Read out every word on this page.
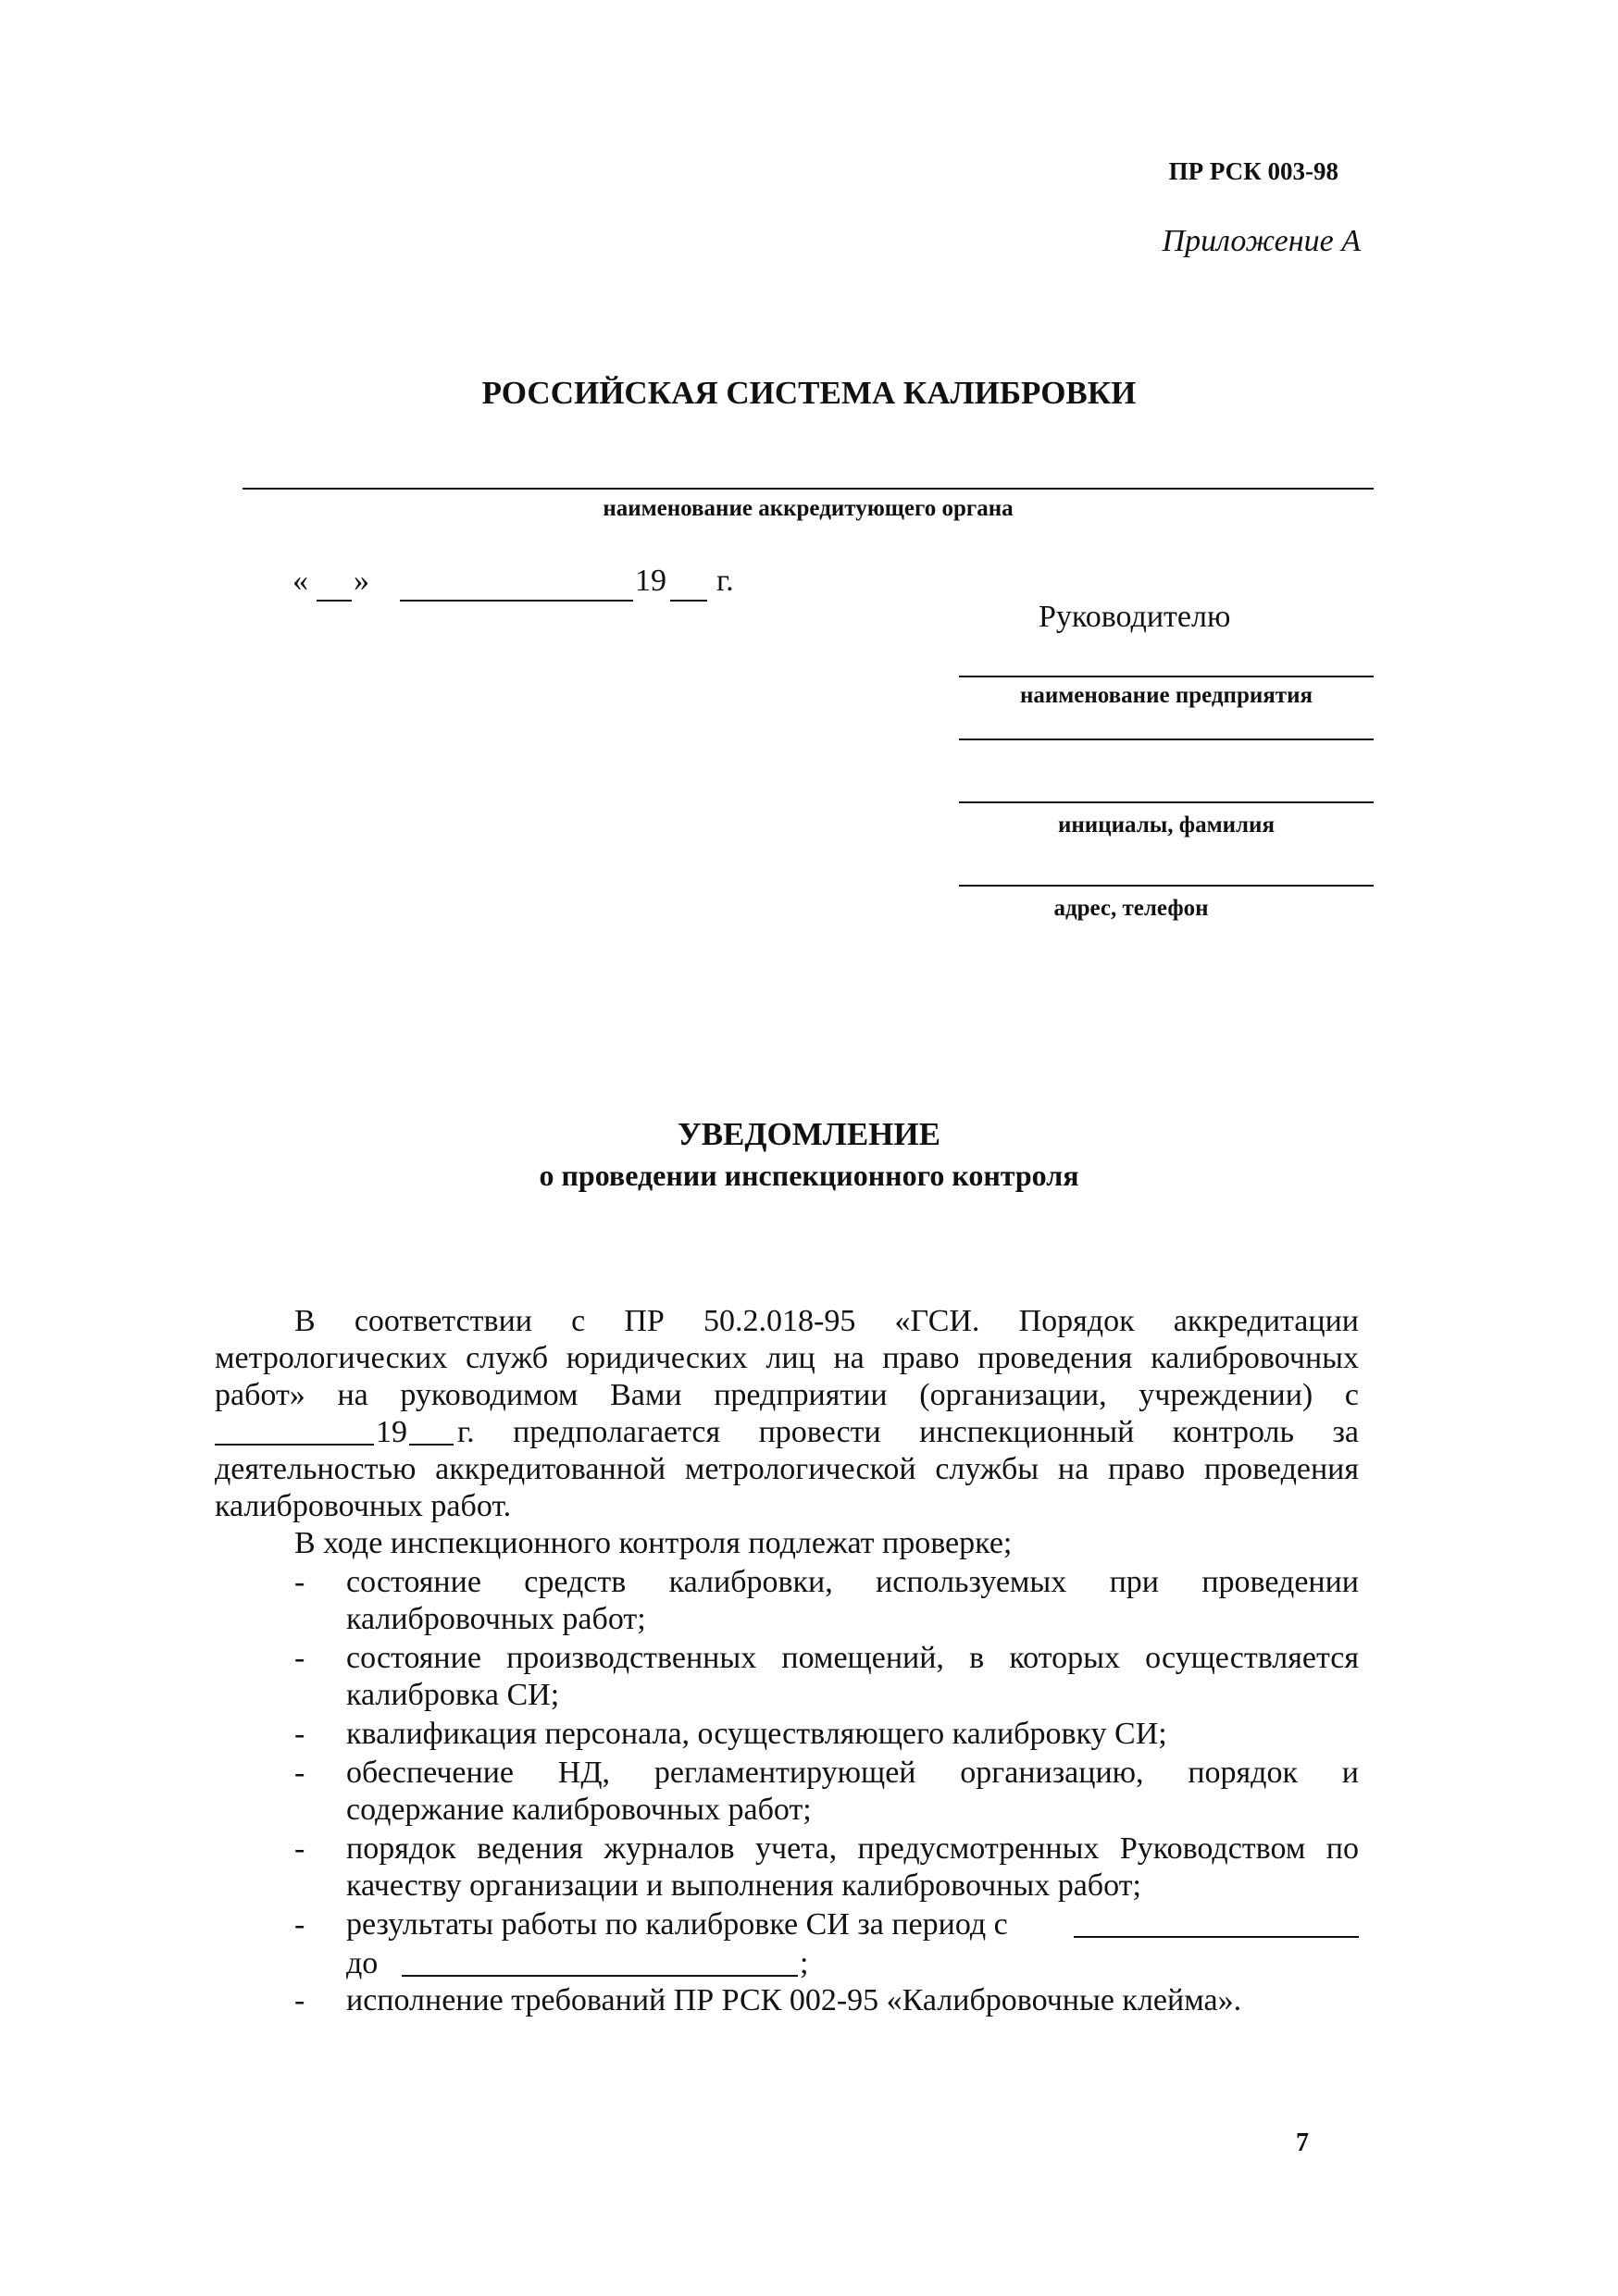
ПР РСК 003-98
Приложение А
РОССИЙСКАЯ СИСТЕМА КАЛИБРОВКИ
наименование аккредитующего органа
« »	19 г.
Руководителю
наименование предприятия
инициалы, фамилия
адрес, телефон
УВЕДОМЛЕНИЕ
о проведении инспекционного контроля
В соответствии с ПР 50.2.018-95 «ГСИ. Порядок аккредитации
метрологических служб юридических лиц на право проведения калибровочных
работ» на руководимом Вами предприятии (организации, учреждении) с
19 г. предполагается провести инспекционный контроль за
деятельностью аккредитованной метрологической службы на право проведения
калибровочных работ.
В ходе инспекционного контроля подлежат проверке;
- состояние средств калибровки, используемых при проведении
калибровочных работ;
- состояние производственных помещений, в которых осуществляется
калибровка СИ;
- квалификация персонала, осуществляющего калибровку СИ;
- обеспечение НД, регламентирующей организацию, порядок и
содержание калибровочных работ;
- порядок ведения журналов учета, предусмотренных Руководством по
качеству организации и выполнения калибровочных работ;
- результаты работы по калибровке СИ за период с
до	;
- исполнение требований ПР РСК 002-95 «Калибровочные клейма».
7
